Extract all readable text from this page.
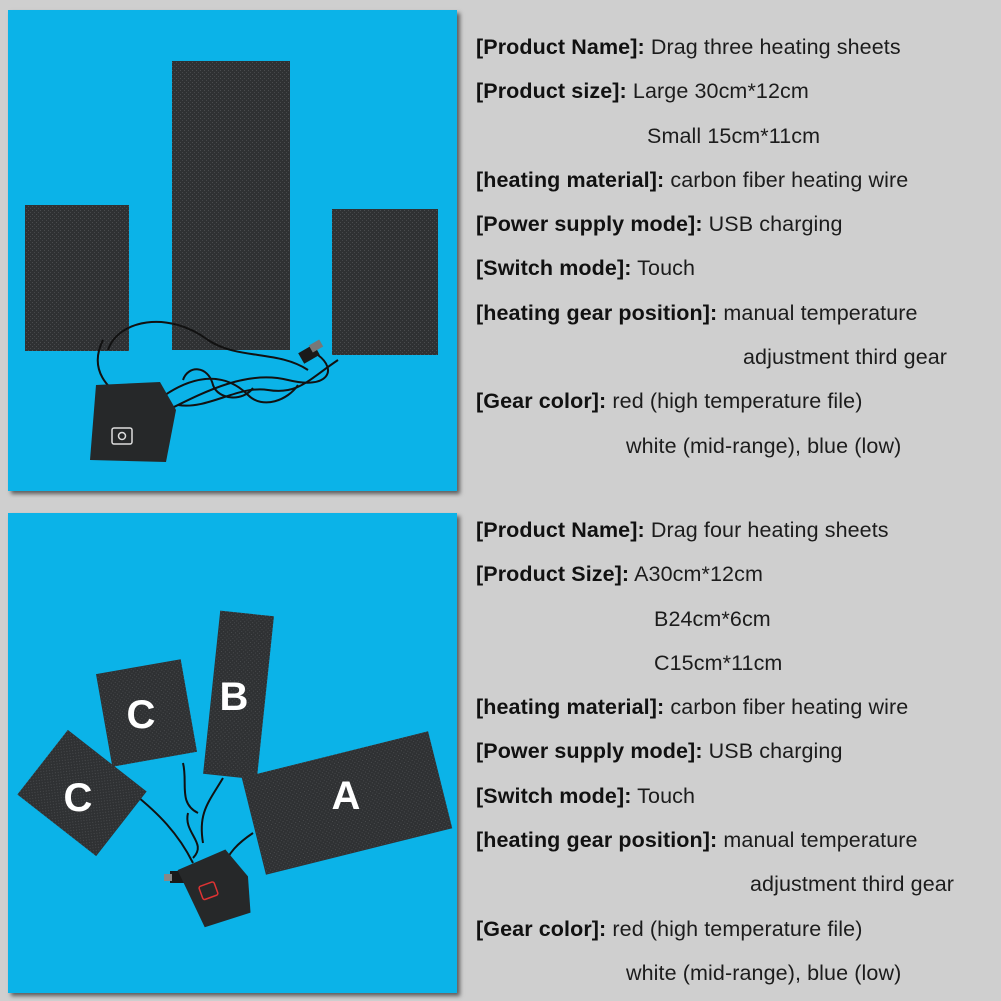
[Product Name]: Drag three heating sheets
[Product size]: Large 30cm*12cm
Small 15cm*11cm
[heating material]: carbon fiber heating wire
[Power supply mode]: USB charging
[Switch mode]: Touch
[heating gear position]: manual temperature
adjustment third gear
[Gear color]: red (high temperature file)
white (mid-range), blue (low)
C
C B
A
[Product Name]: Drag four heating sheets
[Product Size]: A30cm*12cm
B24cm*6cm
C15cm*11cm
[heating material]: carbon fiber heating wire
[Power supply mode]: USB charging
[Switch mode]: Touch
[heating gear position]: manual temperature
adjustment third gear
[Gear color]: red (high temperature file)
white (mid-range), blue (low)
